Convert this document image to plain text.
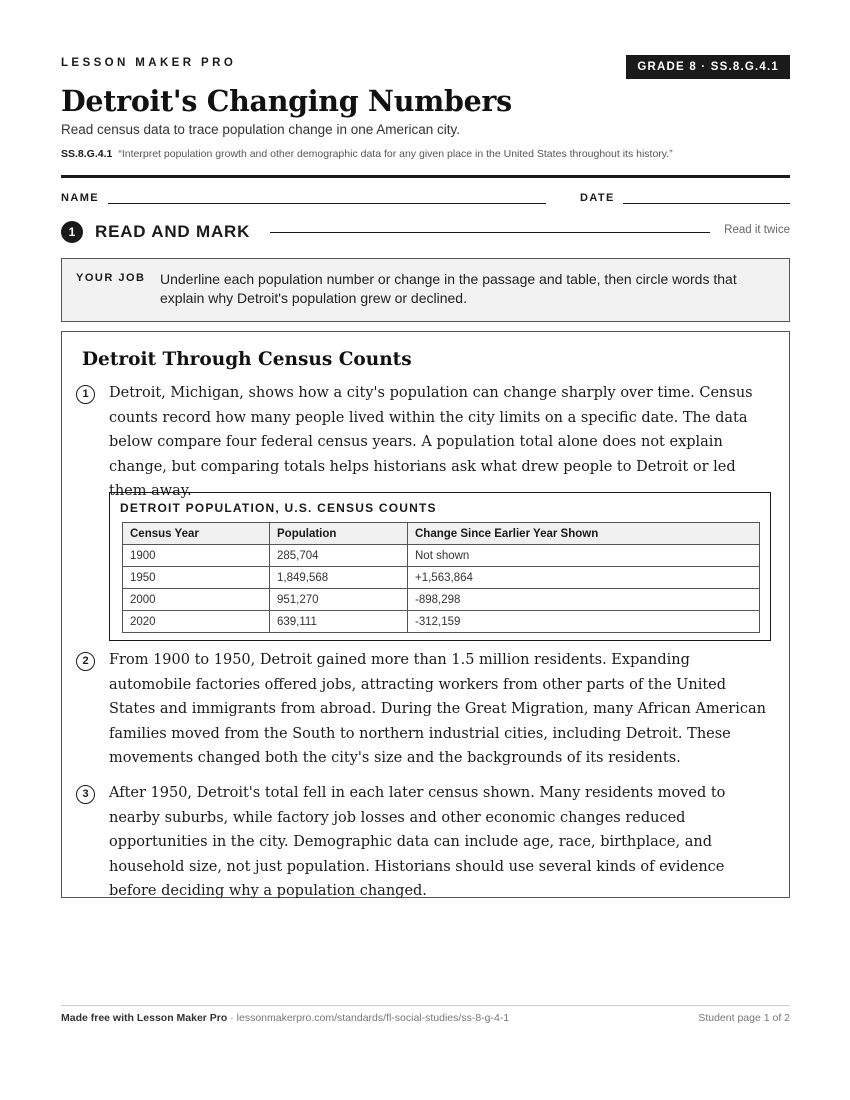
LESSON MAKER PRO	GRADE 8 · SS.8.G.4.1
Detroit's Changing Numbers
Read census data to trace population change in one American city.
SS.8.G.4.1 “Interpret population growth and other demographic data for any given place in the United States throughout its history.”
NAME	DATE
1	READ AND MARK	Read it twice
YOUR JOB Underline each population number or change in the passage and table, then circle words that explain why Detroit's population grew or declined.
Detroit Through Census Counts
1	Detroit, Michigan, shows how a city's population can change sharply over time. Census counts record how many people lived within the city limits on a specific date. The data below compare four federal census years. A population total alone does not explain change, but comparing totals helps historians ask what drew people to Detroit or led them away.

DETROIT POPULATION, U.S. CENSUS COUNTS
Census Year	Population	Change Since Earlier Year Shown
1900	285,704	Not shown
1950	1,849,568	+1,563,864
2000	951,270	-898,298
2020	639,111	-312,159
2	From 1900 to 1950, Detroit gained more than 1.5 million residents. Expanding automobile factories offered jobs, attracting workers from other parts of the United States and immigrants from abroad. During the Great Migration, many African American families moved from the South to northern industrial cities, including Detroit. These movements changed both the city's size and the backgrounds of its residents.

3	After 1950, Detroit's total fell in each later census shown. Many residents moved to nearby suburbs, while factory job losses and other economic changes reduced opportunities in the city. Demographic data can include age, race, birthplace, and household size, not just population. Historians should use several kinds of evidence before deciding why a population changed.

Made free with Lesson Maker Pro · lessonmakerpro.com/standards/fl-social-studies/ss-8-g-4-1	Student page 1 of 2
